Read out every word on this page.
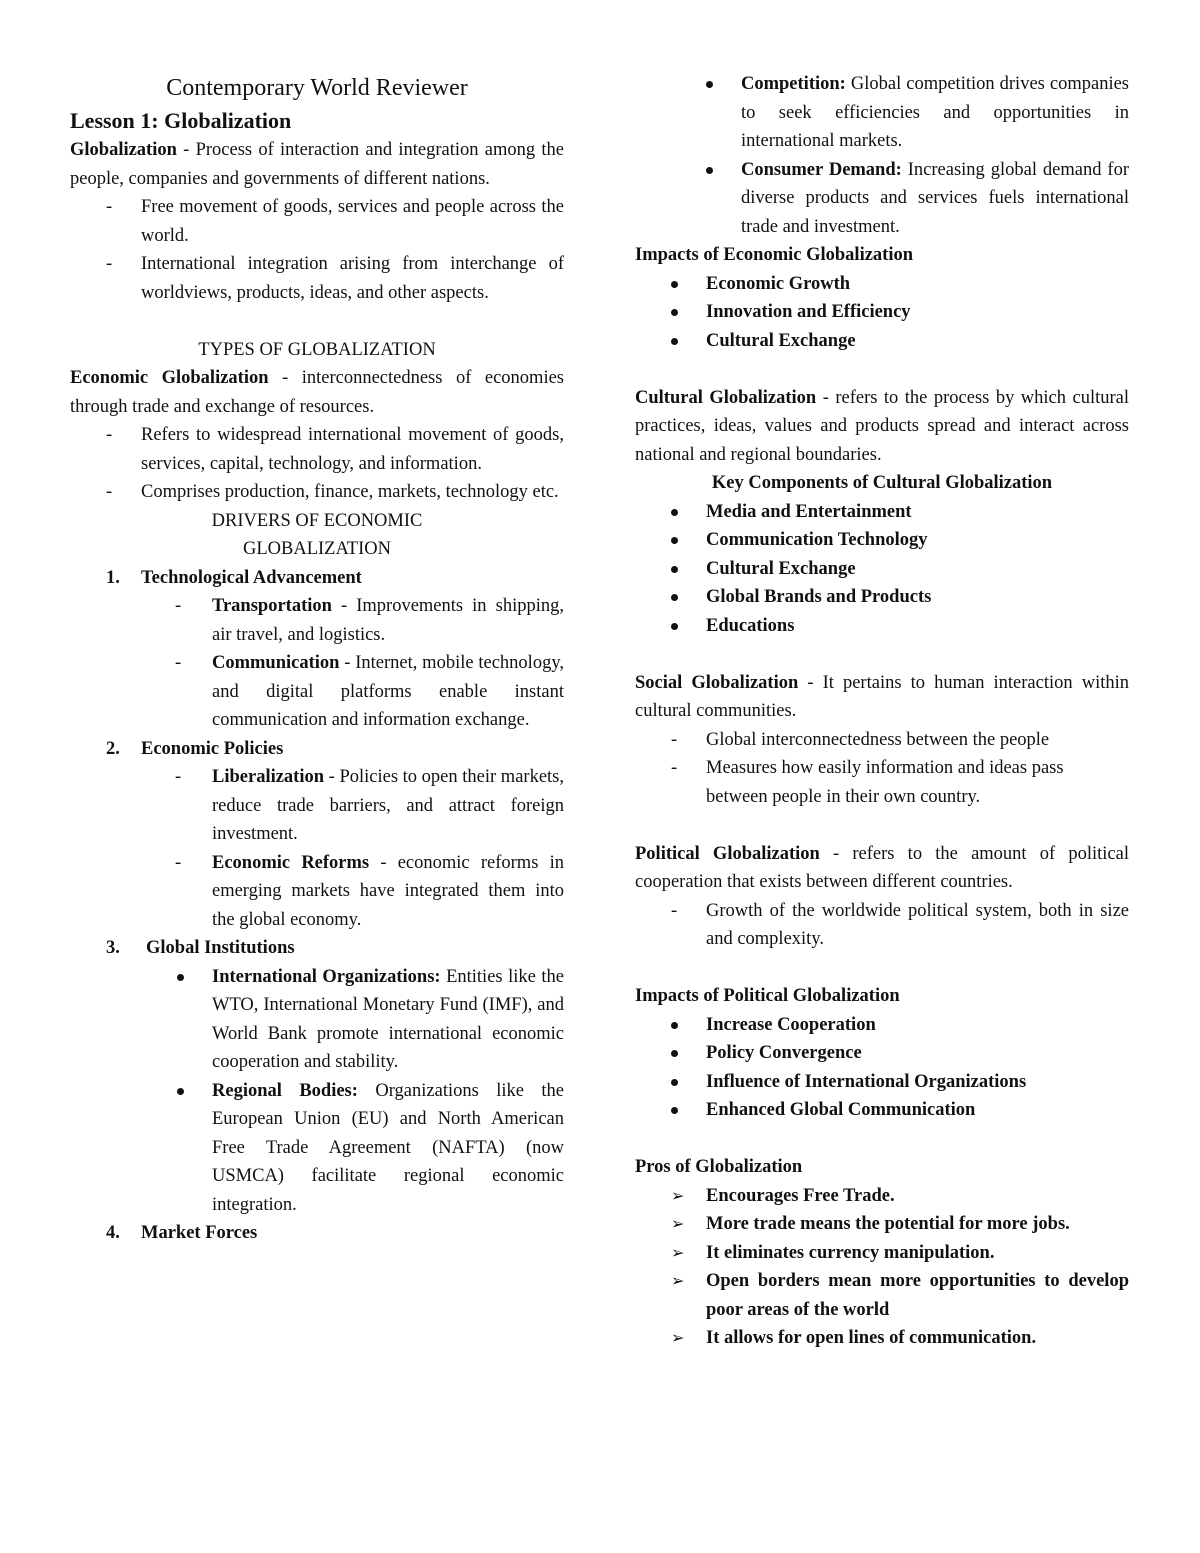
Contemporary World Reviewer

Lesson 1: Globalization

Globalization - Process of interaction and integration among the people, companies and governments of different nations.

- Free movement of goods, services and people across the world.
- International integration arising from interchange of worldviews, products, ideas, and other aspects.

TYPES OF GLOBALIZATION

Economic Globalization - interconnectedness of economies through trade and exchange of resources.

- Refers to widespread international movement of goods, services, capital, technology, and information.
- Comprises production, finance, markets, technology etc.

DRIVERS OF ECONOMIC

GLOBALIZATION

1. Technological Advancement
- Transportation - Improvements in shipping, air travel, and logistics.
- Communication - Internet, mobile technology, and digital platforms enable instant communication and information exchange.
2. Economic Policies
- Liberalization - Policies to open their markets, reduce trade barriers, and attract foreign investment.
- Economic Reforms - economic reforms in emerging markets have integrated them into the global economy.
3. Global Institutions
International Organizations: Entities like the WTO, International Monetary Fund (IMF), and World Bank promote international economic cooperation and stability.
Regional Bodies: Organizations like the European Union (EU) and North American Free Trade Agreement (NAFTA) (now USMCA) facilitate regional economic integration.
4. Market Forces
Competition: Global competition drives companies to seek efficiencies and opportunities in international markets.
Consumer Demand: Increasing global demand for diverse products and services fuels international trade and investment.

Impacts of Economic Globalization

Economic Growth
Innovation and Efficiency
Cultural Exchange

Cultural Globalization - refers to the process by which cultural practices, ideas, values and products spread and interact across national and regional boundaries.

Key Components of Cultural Globalization

Media and Entertainment
Communication Technology
Cultural Exchange
Global Brands and Products
Educations

Social Globalization - It pertains to human interaction within cultural communities.

- Global interconnectedness between the people
- Measures how easily information and ideas pass between people in their own country.

Political Globalization - refers to the amount of political cooperation that exists between different countries.

- Growth of the worldwide political system, both in size and complexity.

Impacts of Political Globalization

Increase Cooperation
Policy Convergence
Influence of International Organizations
Enhanced Global Communication

Pros of Globalization

➢ Encourages Free Trade.
➢ More trade means the potential for more jobs.
➢ It eliminates currency manipulation.
➢ Open borders mean more opportunities to develop poor areas of the world
➢ It allows for open lines of communication.
